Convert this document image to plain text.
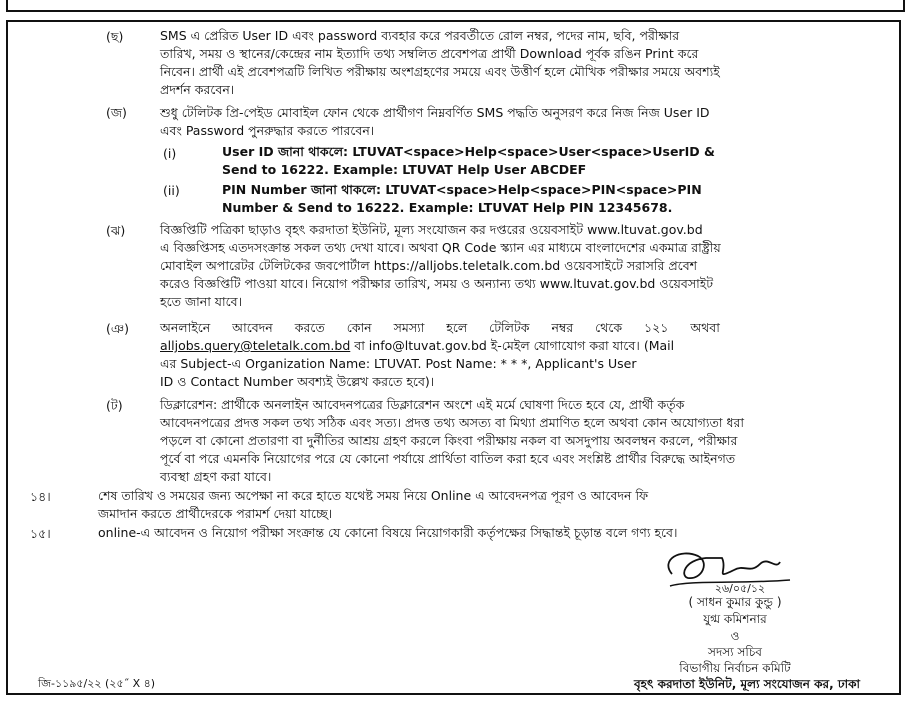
(ছ)	SMS এ প্রেরিত User ID এবং password ব্যবহার করে পরবর্তীতে রোল নম্বর, পদের নাম, ছবি, পরীক্ষার
তারিখ, সময় ও স্থানের/কেন্দ্রের নাম ইত্যাদি তথ্য সম্বলিত প্রবেশপত্র প্রার্থী Download পূর্বক রঙিন Print করে
নিবেন। প্রার্থী এই প্রবেশপত্রটি লিখিত পরীক্ষায় অংশগ্রহণের সময়ে এবং উত্তীর্ণ হলে মৌখিক পরীক্ষার সময়ে অবশ্যই
প্রদর্শন করবেন।
(জ)	শুধু টেলিটক প্রি-পেইড মোবাইল ফোন থেকে প্রার্থীগণ নিম্নবর্ণিত SMS পদ্ধতি অনুসরণ করে নিজ নিজ User ID
এবং Password পুনরুদ্ধার করতে পারবেন।
(i)	User ID জানা থাকলে: LTUVAT<space>Help<space>User<space>UserID &
Send to 16222. Example: LTUVAT Help User ABCDEF
(ii)	PIN Number জানা থাকলে: LTUVAT<space>Help<space>PIN<space>PIN
Number & Send to 16222. Example: LTUVAT Help PIN 12345678.
(ঝ)	বিজ্ঞপ্তিটি পত্রিকা ছাড়াও বৃহৎ করদাতা ইউনিট, মূল্য সংযোজন কর দপ্তরের ওয়েবসাইট www.ltuvat.gov.bd
এ বিজ্ঞপ্তিসহ এতদসংক্রান্ত সকল তথ্য দেখা যাবে। অথবা QR Code স্ক্যান এর মাধ্যমে বাংলাদেশের একমাত্র রাষ্ট্রীয়
মোবাইল অপারেটর টেলিটকের জবপোর্টাল https://alljobs.teletalk.com.bd ওয়েবসাইটে সরাসরি প্রবেশ
করেও বিজ্ঞপ্তিটি পাওয়া যাবে। নিয়োগ পরীক্ষার তারিখ, সময় ও অন্যান্য তথ্য www.ltuvat.gov.bd ওয়েবসাইট
হতে জানা যাবে।
(ঞ) অনলাইনে আবেদন করতে কোন সমস্যা হলে টেলিটক নম্বর থেকে ১২১ অথবা
alljobs.query@teletalk.com.bd বা info@ltuvat.gov.bd ই-মেইল যোগাযোগ করা যাবে। (Mail
এর Subject-এ Organization Name: LTUVAT. Post Name: * * *, Applicant's User
ID ও Contact Number অবশ্যই উল্লেখ করতে হবে)।
(ট)	ডিক্লারেশন: প্রার্থীকে অনলাইন আবেদনপত্রের ডিক্লারেশন অংশে এই মর্মে ঘোষণা দিতে হবে যে, প্রার্থী কর্তৃক
আবেদনপত্রের প্রদত্ত সকল তথ্য সঠিক এবং সত্য। প্রদত্ত তথ্য অসত্য বা মিথ্যা প্রমাণিত হলে অথবা কোন অযোগ্যতা ধরা
পড়লে বা কোনো প্রতারণা বা দুর্নীতির আশ্রয় গ্রহণ করলে কিংবা পরীক্ষায় নকল বা অসদুপায় অবলম্বন করলে, পরীক্ষার
পূর্বে বা পরে এমনকি নিয়োগের পরে যে কোনো পর্যায়ে প্রার্থিতা বাতিল করা হবে এবং সংশ্লিষ্ট প্রার্থীর বিরুদ্ধে আইনগত
ব্যবস্থা গ্রহণ করা যাবে।
১৪।	শেষ তারিখ ও সময়ের জন্য অপেক্ষা না করে হাতে যথেষ্ট সময় নিয়ে Online এ আবেদনপত্র পূরণ ও আবেদন ফি
জমাদান করতে প্রার্থীদেরকে পরামর্শ দেয়া যাচ্ছে।
১৫।	online-এ আবেদন ও নিয়োগ পরীক্ষা সংক্রান্ত যে কোনো বিষয়ে নিয়োগকারী কর্তৃপক্ষের সিদ্ধান্তই চূড়ান্ত বলে গণ্য হবে।
২৬/০৫/১২
( সাধন কুমার কুন্ডু )
যুগ্ম কমিশনার
ও
সদস্য সচিব
বিভাগীয় নির্বাচন কমিটি
বৃহৎ করদাতা ইউনিট, মূল্য সংযোজন কর, ঢাকা
জি-১১৯৫/২২ (২৫˝ X ৪)
